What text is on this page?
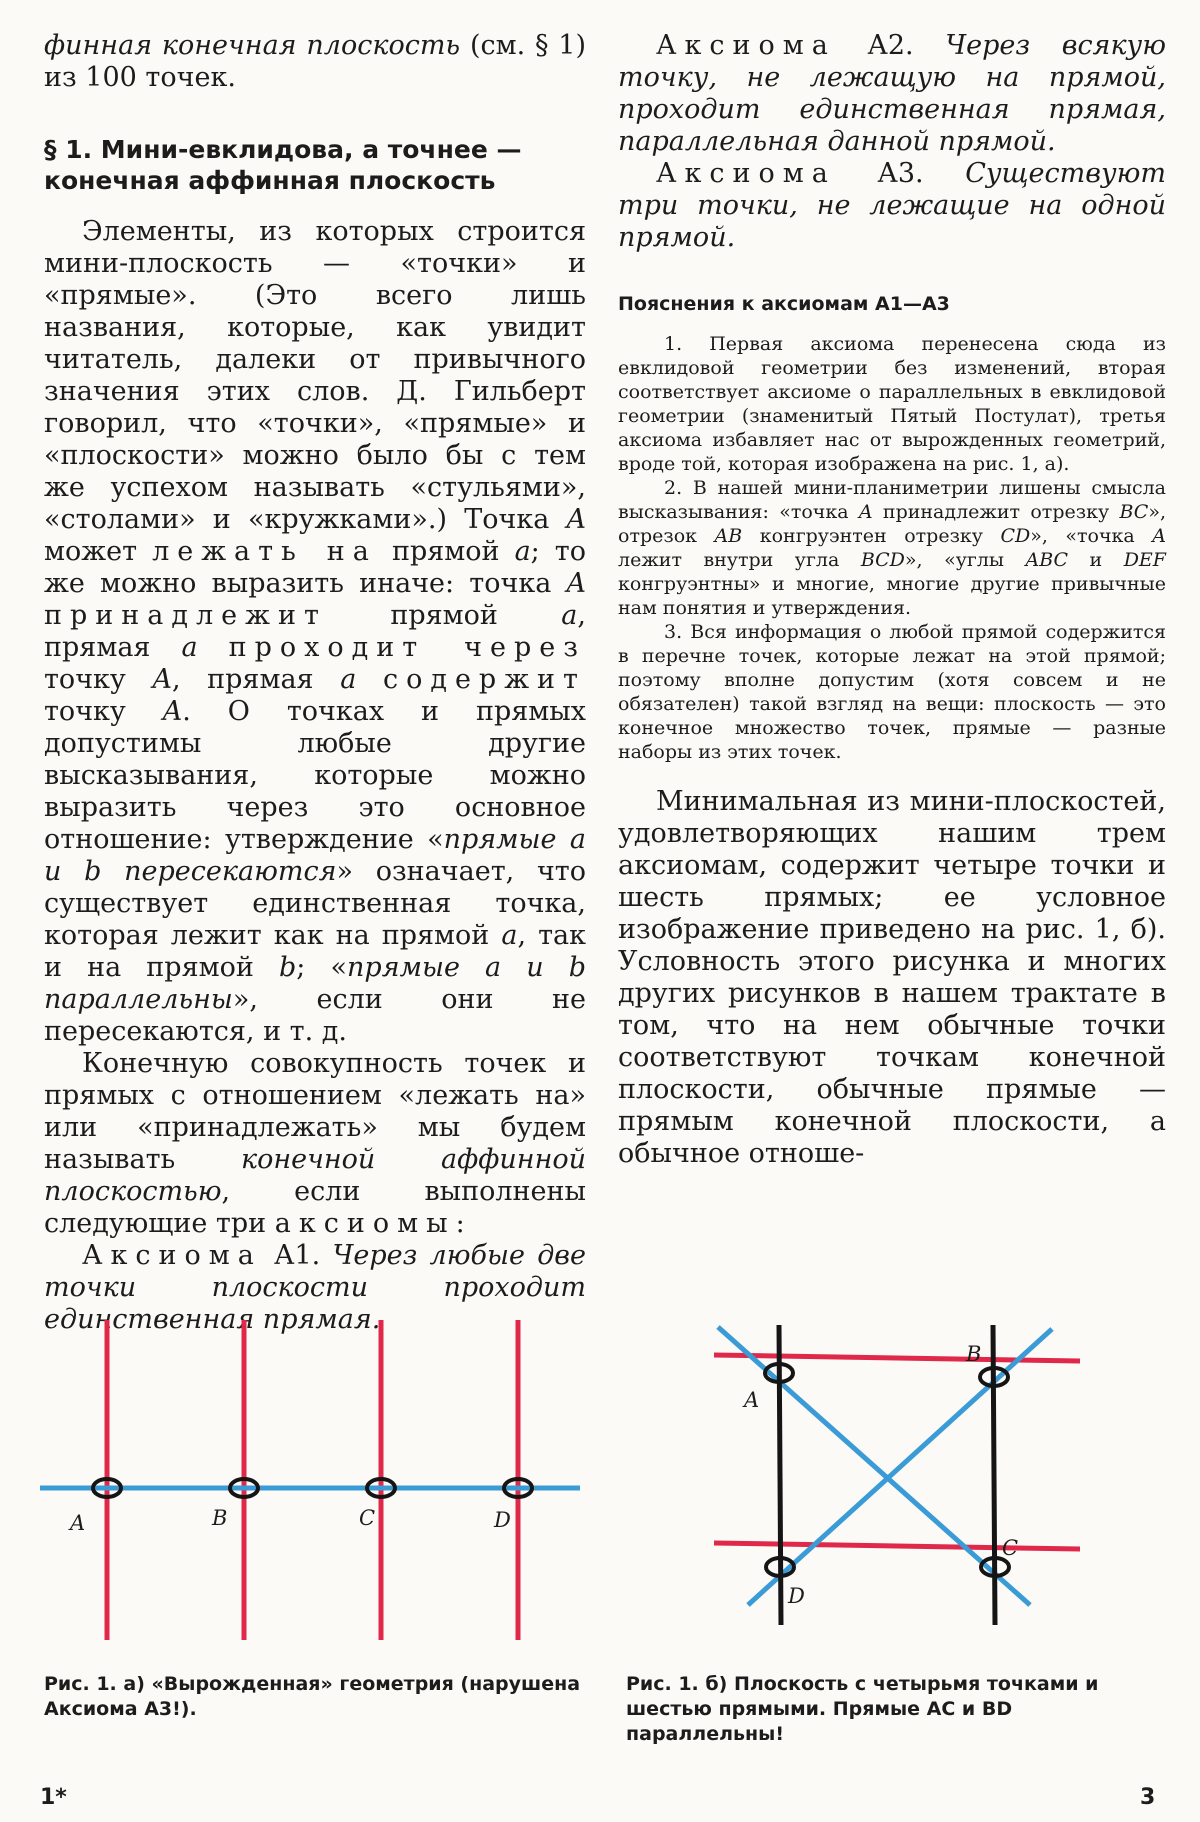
финная конечная плоскость (см. § 1) из 100 точек.

§ 1. Мини-евклидова, а точнее — конечная аффинная плоскость

Элементы, из которых строится мини-плоскость — «точки» и «прямые». (Это всего лишь названия, которые, как увидит читатель, далеки от привычного значения этих слов. Д. Гильберт говорил, что «точки», «прямые» и «плоскости» можно было бы с тем же успехом называть «стульями», «столами» и «кружками».) Точка A может лежать на прямой a; то же можно выразить иначе: точка A принадлежит прямой a, прямая a проходит через точку A, прямая a содержит точку A. О точках и прямых допустимы любые другие высказывания, которые можно выразить через это основное отношение: утверждение «прямые a и b пересекаются» означает, что существует единственная точка, которая лежит как на прямой a, так и на прямой b; «прямые a и b параллельны», если они не пересекаются, и т. д.

Конечную совокупность точек и прямых с отношением «лежать на» или «принадлежать» мы будем называть конечной аффинной плоскостью, если выполнены следующие три аксиомы:

Аксиома А1. Через любые две точки плоскости проходит единственная прямая.

Аксиома А2. Через всякую точку, не лежащую на прямой, проходит единственная прямая, параллельная данной прямой.

Аксиома А3. Существуют три точки, не лежащие на одной прямой.

Пояснения к аксиомам А1—А3

1. Первая аксиома перенесена сюда из евклидовой геометрии без изменений, вторая соответствует аксиоме о параллельных в евклидовой геометрии (знаменитый Пятый Постулат), третья аксиома избавляет нас от вырожденных геометрий, вроде той, которая изображена на рис. 1, а).

2. В нашей мини-планиметрии лишены смысла высказывания: «точка A принадлежит отрезку BC», отрезок AB конгруэнтен отрезку CD», «точка A лежит внутри угла BCD», «углы ABC и DEF конгруэнтны» и многие, многие другие привычные нам понятия и утверждения.

3. Вся информация о любой прямой содержится в перечне точек, которые лежат на этой прямой; поэтому вполне допустим (хотя совсем и не обязателен) такой взгляд на вещи: плоскость — это конечное множество точек, прямые — разные наборы из этих точек.

Минимальная из мини-плоскостей, удовлетворяющих нашим трем аксиомам, содержит четыре точки и шесть прямых; ее условное изображение приведено на рис. 1, б). Условность этого рисунка и многих других рисунков в нашем трактате в том, что на нем обычные точки соответствуют точкам конечной плоскости, обычные прямые — прямым конечной плоскости, а обычное отноше-

A	B	C	D
A
B
C
D

Рис. 1. а) «Вырожденная» геометрия (нарушена Аксиома А3!).

Рис. 1. б) Плоскость с четырьмя точками и шестью прямыми. Прямые AC и BD параллельны!

1*	3
